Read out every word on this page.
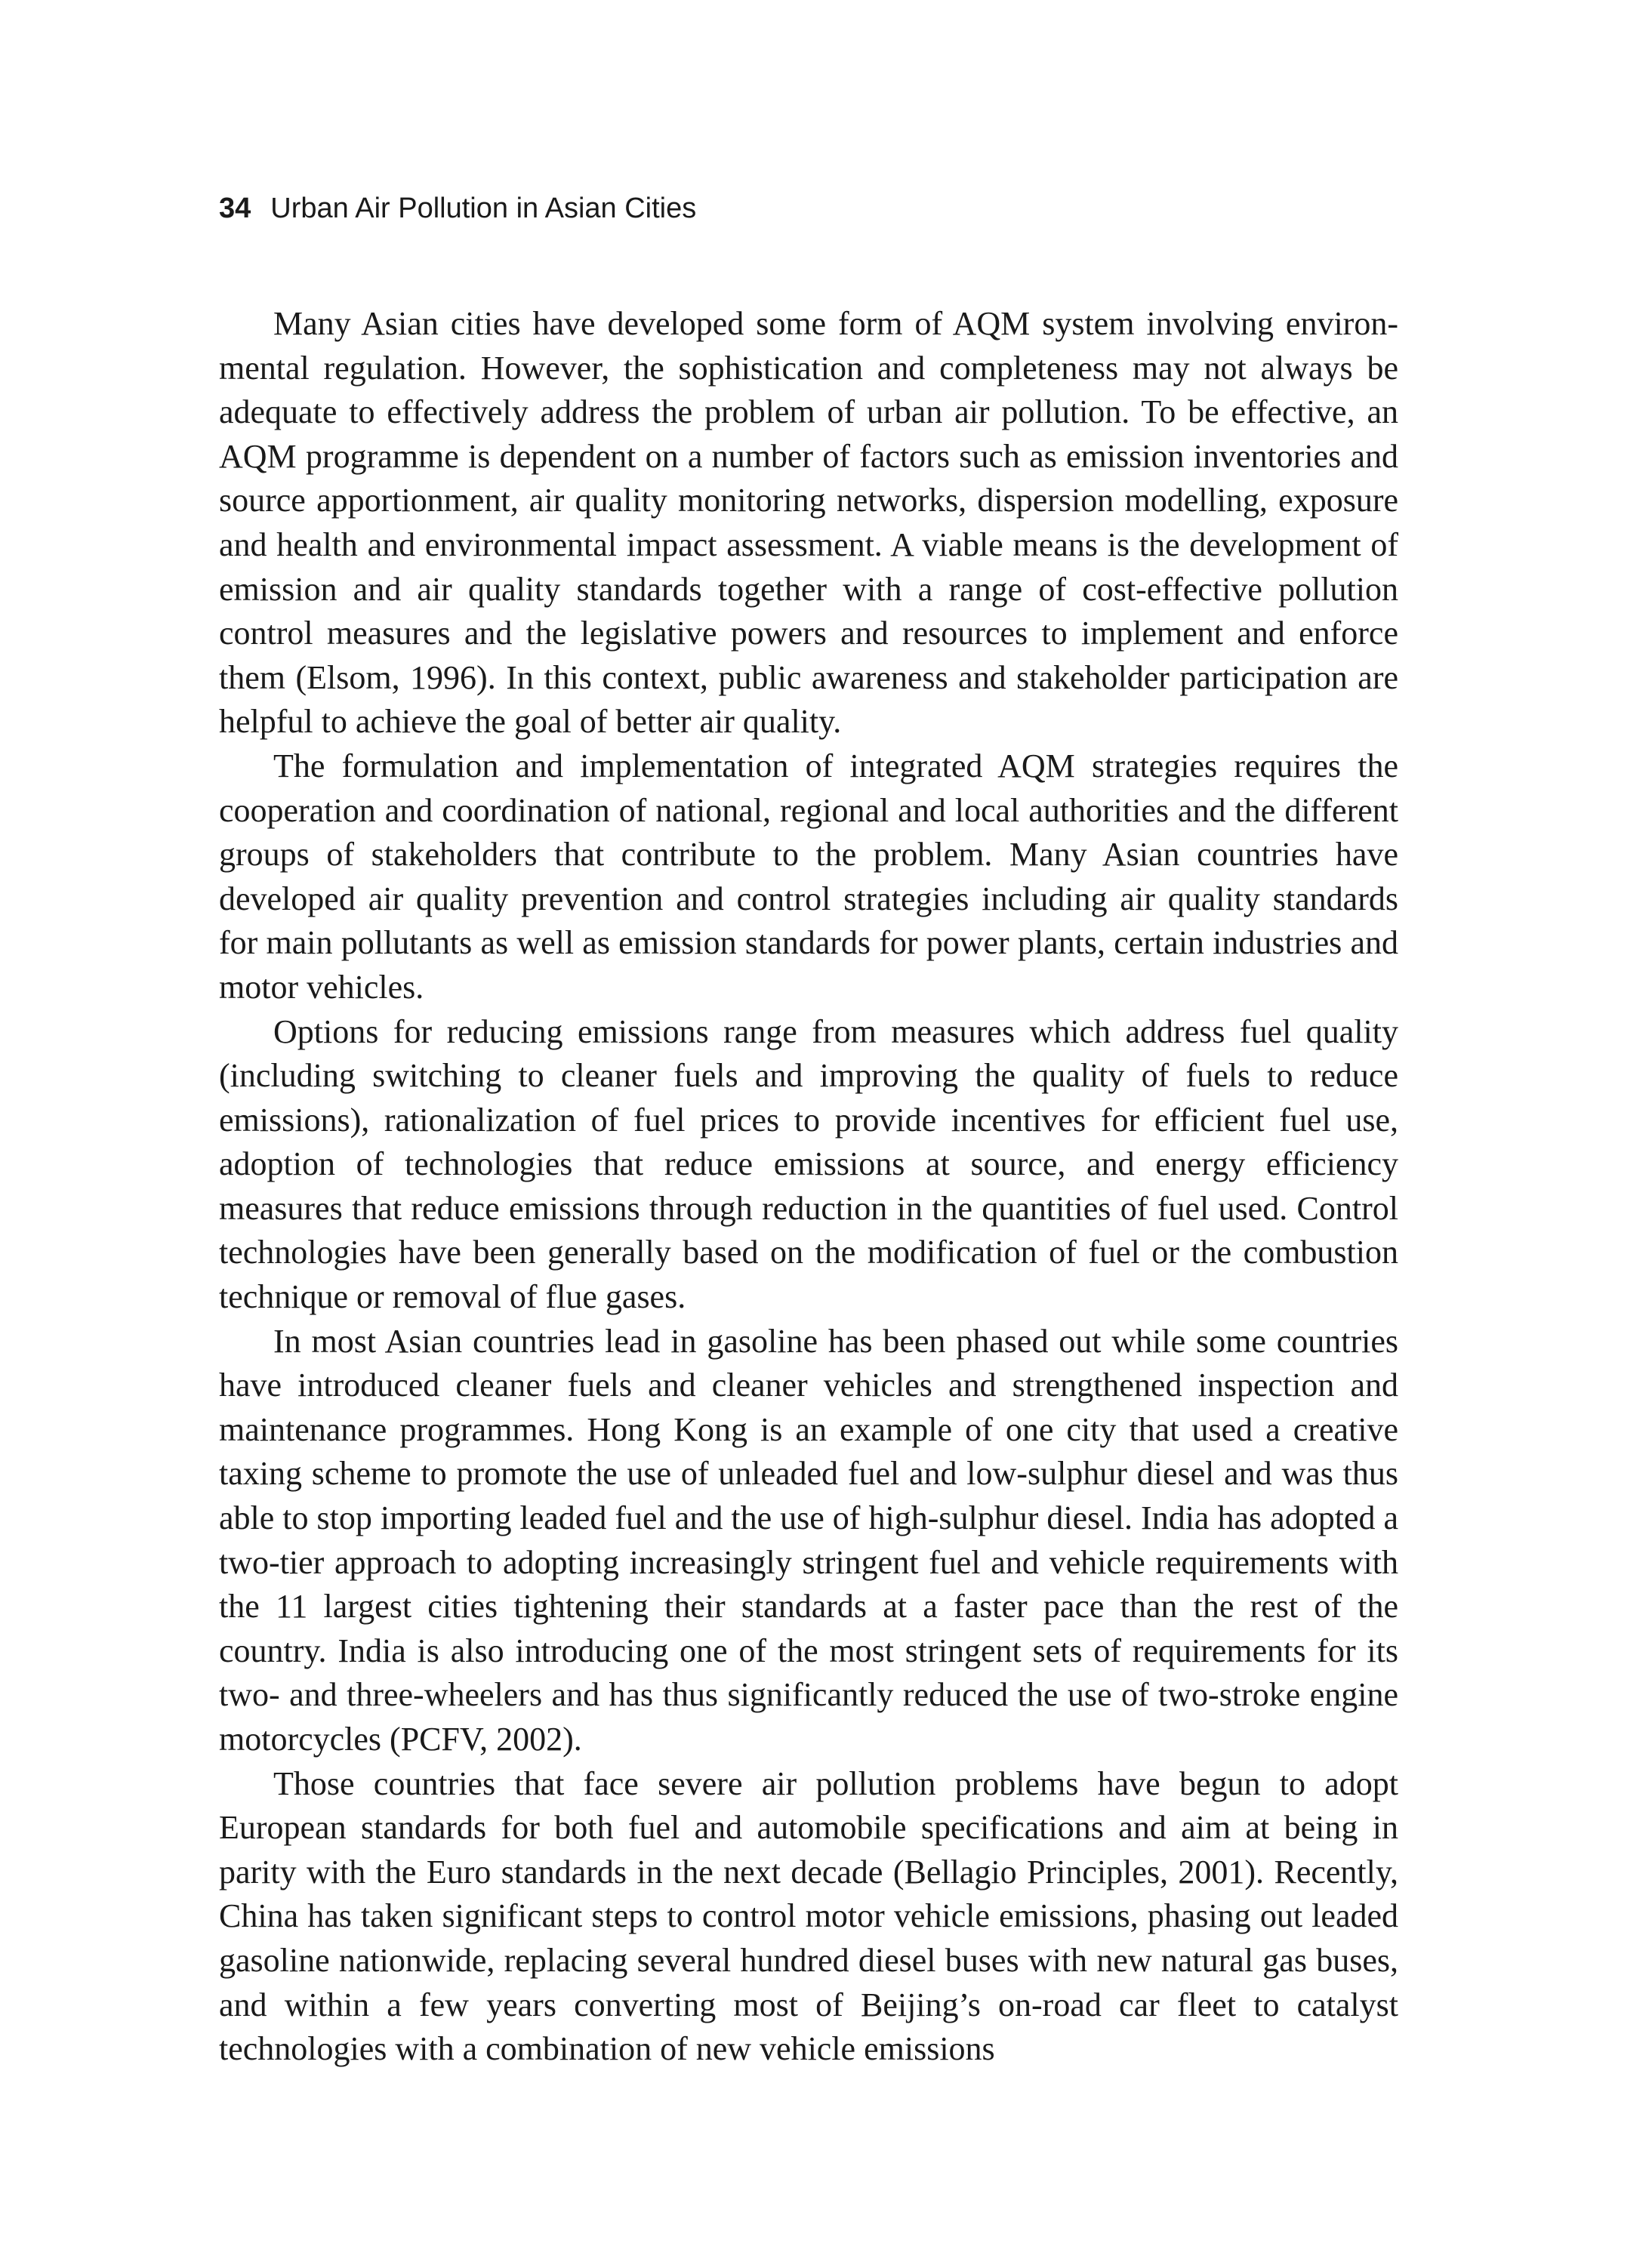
34 Urban Air Pollution in Asian Cities

Many Asian cities have developed some form of AQM system involving environmental regulation. However, the sophistication and completeness may not always be adequate to effectively address the problem of urban air pollution. To be effective, an AQM programme is dependent on a number of factors such as emission inventories and source apportionment, air quality monitoring networks, dispersion modelling, exposure and health and environmental impact assessment. A viable means is the development of emission and air quality standards together with a range of cost-effective pollution control measures and the legislative powers and resources to implement and enforce them (Elsom, 1996). In this context, public awareness and stakeholder participation are helpful to achieve the goal of better air quality.

The formulation and implementation of integrated AQM strategies requires the cooperation and coordination of national, regional and local authorities and the different groups of stakeholders that contribute to the problem. Many Asian countries have developed air quality prevention and control strategies including air quality standards for main pollutants as well as emission standards for power plants, certain industries and motor vehicles.

Options for reducing emissions range from measures which address fuel quality (including switching to cleaner fuels and improving the quality of fuels to reduce emissions), rationalization of fuel prices to provide incentives for efficient fuel use, adoption of technologies that reduce emissions at source, and energy efficiency measures that reduce emissions through reduction in the quantities of fuel used. Control technologies have been generally based on the modification of fuel or the combustion technique or removal of flue gases.

In most Asian countries lead in gasoline has been phased out while some countries have introduced cleaner fuels and cleaner vehicles and strengthened inspection and maintenance programmes. Hong Kong is an example of one city that used a creative taxing scheme to promote the use of unleaded fuel and low-sulphur diesel and was thus able to stop importing leaded fuel and the use of high-sulphur diesel. India has adopted a two-tier approach to adopting increasingly stringent fuel and vehicle requirements with the 11 largest cities tightening their standards at a faster pace than the rest of the country. India is also introducing one of the most stringent sets of requirements for its two- and three-wheelers and has thus significantly reduced the use of two-stroke engine motorcycles (PCFV, 2002).

Those countries that face severe air pollution problems have begun to adopt European standards for both fuel and automobile specifications and aim at being in parity with the Euro standards in the next decade (Bellagio Principles, 2001). Recently, China has taken significant steps to control motor vehicle emissions, phasing out leaded gasoline nationwide, replacing several hundred diesel buses with new natural gas buses, and within a few years converting most of Beijing’s on-road car fleet to catalyst technologies with a combination of new vehicle emissions
